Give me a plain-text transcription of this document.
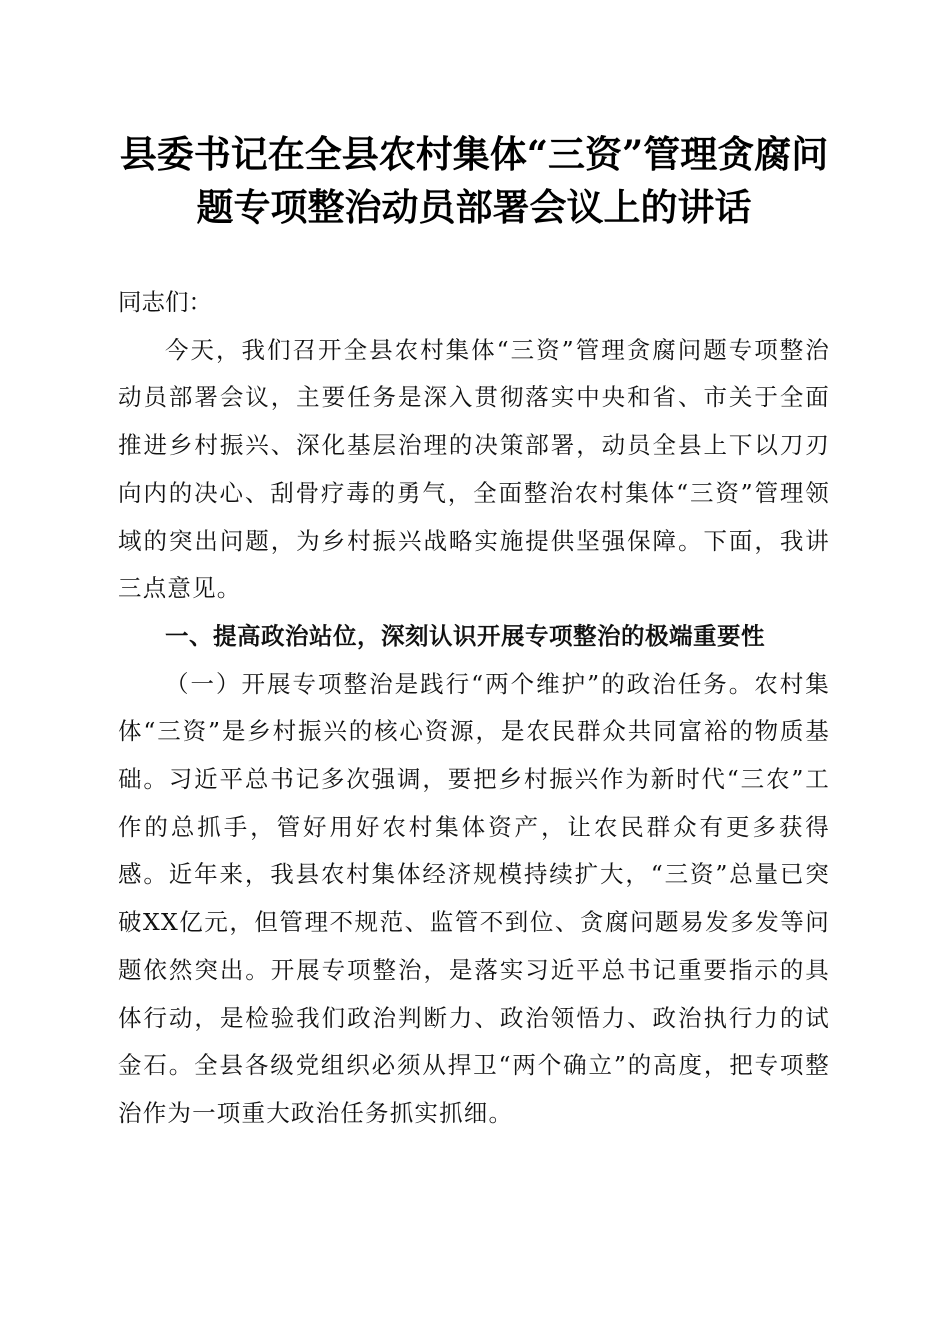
县委书记在全县农村集体“三资”管理贪腐问
题专项整治动员部署会议上的讲话

同志们：

今天，我们召开全县农村集体“三资”管理贪腐问题专项整治动员部署会议，主要任务是深入贯彻落实中央和省、市关于全面推进乡村振兴、深化基层治理的决策部署，动员全县上下以刀刃向内的决心、刮骨疗毒的勇气，全面整治农村集体“三资”管理领域的突出问题，为乡村振兴战略实施提供坚强保障。下面，我讲三点意见。

一、提高政治站位，深刻认识开展专项整治的极端重要性

（一）开展专项整治是践行“两个维护”的政治任务。农村集体“三资”是乡村振兴的核心资源，是农民群众共同富裕的物质基础。习近平总书记多次强调，要把乡村振兴作为新时代“三农”工作的总抓手，管好用好农村集体资产，让农民群众有更多获得感。近年来，我县农村集体经济规模持续扩大，“三资”总量已突破XX亿元，但管理不规范、监管不到位、贪腐问题易发多发等问题依然突出。开展专项整治，是落实习近平总书记重要指示的具体行动，是检验我们政治判断力、政治领悟力、政治执行力的试金石。全县各级党组织必须从捍卫“两个确立”的高度，把专项整治作为一项重大政治任务抓实抓细。
